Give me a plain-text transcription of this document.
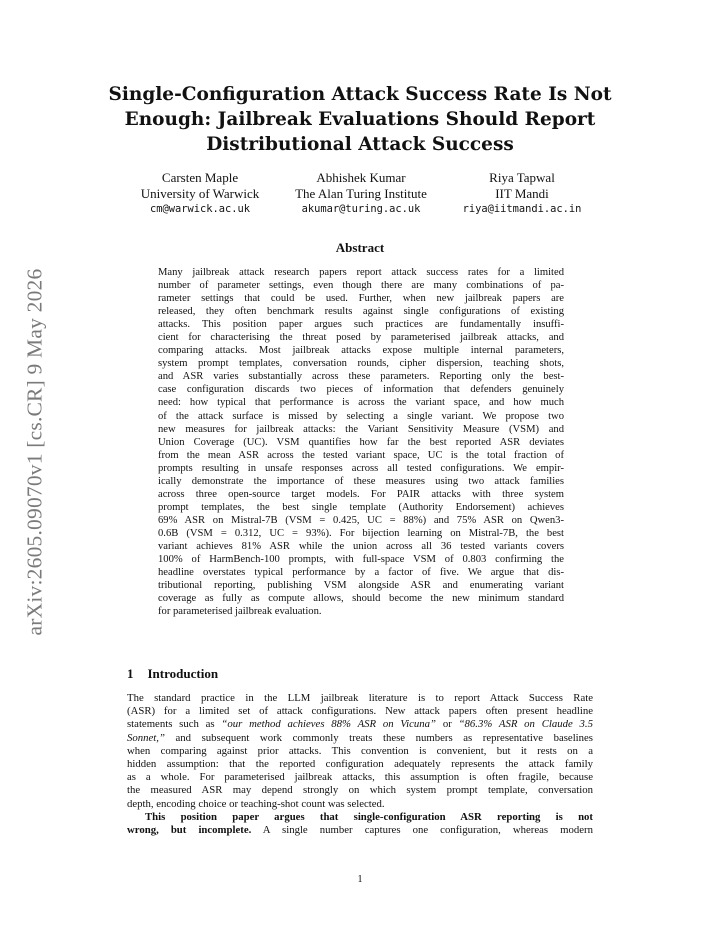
arXiv:2605.09070v1 [cs.CR] 9 May 2026
Single-Configuration Attack Success Rate Is Not
Enough: Jailbreak Evaluations Should Report
Distributional Attack Success
Carsten Maple
University of Warwick
cm@warwick.ac.uk
Abhishek Kumar
The Alan Turing Institute
akumar@turing.ac.uk
Riya Tapwal
IIT Mandi
riya@iitmandi.ac.in
Abstract
Many jailbreak attack research papers report attack success rates for a limited
number of parameter settings, even though there are many combinations of pa-
rameter settings that could be used. Further, when new jailbreak papers are
released, they often benchmark results against single configurations of existing
attacks. This position paper argues such practices are fundamentally insuffi-
cient for characterising the threat posed by parameterised jailbreak attacks, and
comparing attacks. Most jailbreak attacks expose multiple internal parameters,
system prompt templates, conversation rounds, cipher dispersion, teaching shots,
and ASR varies substantially across these parameters. Reporting only the best-
case configuration discards two pieces of information that defenders genuinely
need: how typical that performance is across the variant space, and how much
of the attack surface is missed by selecting a single variant. We propose two
new measures for jailbreak attacks: the Variant Sensitivity Measure (VSM) and
Union Coverage (UC). VSM quantifies how far the best reported ASR deviates
from the mean ASR across the tested variant space, UC is the total fraction of
prompts resulting in unsafe responses across all tested configurations. We empir-
ically demonstrate the importance of these measures using two attack families
across three open-source target models. For PAIR attacks with three system
prompt templates, the best single template (Authority Endorsement) achieves
69% ASR on Mistral-7B (VSM = 0.425, UC = 88%) and 75% ASR on Qwen3-
0.6B (VSM = 0.312, UC = 93%). For bijection learning on Mistral-7B, the best
variant achieves 81% ASR while the union across all 36 tested variants covers
100% of HarmBench-100 prompts, with full-space VSM of 0.803 confirming the
headline overstates typical performance by a factor of five. We argue that dis-
tributional reporting, publishing VSM alongside ASR and enumerating variant
coverage as fully as compute allows, should become the new minimum standard
for parameterised jailbreak evaluation.
1 Introduction
The standard practice in the LLM jailbreak literature is to report Attack Success Rate
(ASR) for a limited set of attack configurations. New attack papers often present headline
statements such as “our method achieves 88% ASR on Vicuna” or “86.3% ASR on Claude 3.5
Sonnet,” and subsequent work commonly treats these numbers as representative baselines
when comparing against prior attacks. This convention is convenient, but it rests on a
hidden assumption: that the reported configuration adequately represents the attack family
as a whole. For parameterised jailbreak attacks, this assumption is often fragile, because
the measured ASR may depend strongly on which system prompt template, conversation
depth, encoding choice or teaching-shot count was selected.
This position paper argues that single-configuration ASR reporting is not
wrong, but incomplete. A single number captures one configuration, whereas modern
1
